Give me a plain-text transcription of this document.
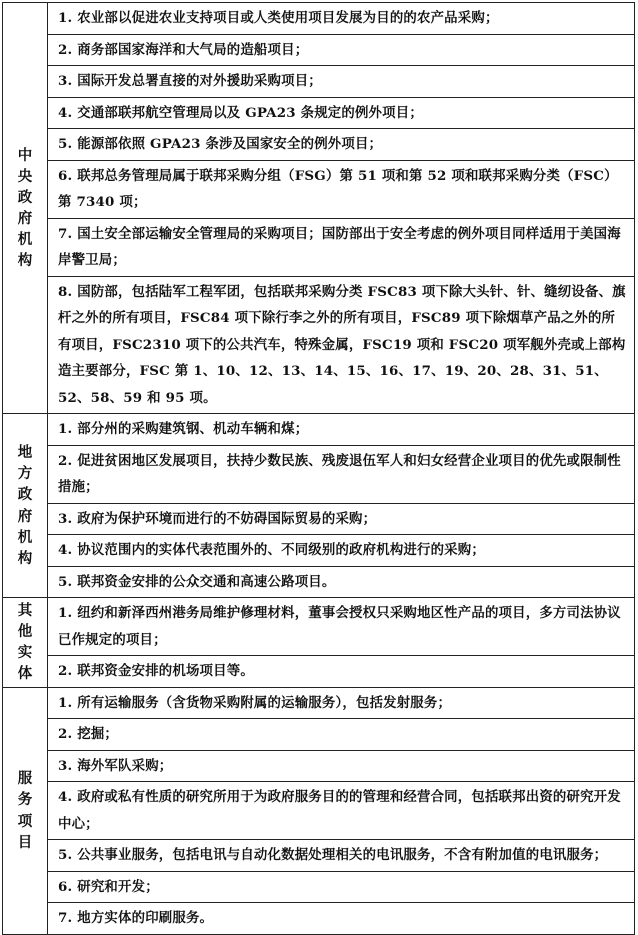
中央政府机构	1. 农业部以促进农业支持项目或人类使用项目发展为目的的农产品采购；
	2. 商务部国家海洋和大气局的造船项目；
	3. 国际开发总署直接的对外援助采购项目；
	4. 交通部联邦航空管理局以及 GPA23 条规定的例外项目；
	5. 能源部依照 GPA23 条涉及国家安全的例外项目；
	6. 联邦总务管理局属于联邦采购分组（FSG）第 51 项和第 52 项和联邦采购分类（FSC）第 7340 项；
	7. 国土安全部运输安全管理局的采购项目；国防部出于安全考虑的例外项目同样适用于美国海岸警卫局；
	8. 国防部，包括陆军工程军团，包括联邦采购分类 FSC83 项下除大头针、针、缝纫设备、旗杆之外的所有项目，FSC84 项下除行李之外的所有项目，FSC89 项下除烟草产品之外的所有项目，FSC2310 项下的公共汽车，特殊金属，FSC19 项和 FSC20 项军舰外壳或上部构造主要部分，FSC 第 1、10、12、13、14、15、16、17、19、20、28、31、51、52、58、59 和 95 项。
地方政府机构	1. 部分州的采购建筑钢、机动车辆和煤；
	2. 促进贫困地区发展项目，扶持少数民族、残废退伍军人和妇女经营企业项目的优先或限制性措施；
	3. 政府为保护环境而进行的不妨碍国际贸易的采购；
	4. 协议范围内的实体代表范围外的、不同级别的政府机构进行的采购；
	5. 联邦资金安排的公众交通和高速公路项目。
其他实体	1. 纽约和新泽西州港务局维护修理材料，董事会授权只采购地区性产品的项目，多方司法协议已作规定的项目；
	2. 联邦资金安排的机场项目等。
服务项目	1. 所有运输服务（含货物采购附属的运输服务），包括发射服务；
	2. 挖掘；
	3. 海外军队采购；
	4. 政府或私有性质的研究所用于为政府服务目的的管理和经营合同，包括联邦出资的研究开发中心；
	5. 公共事业服务，包括电讯与自动化数据处理相关的电讯服务，不含有附加值的电讯服务；
	6. 研究和开发；
	7. 地方实体的印刷服务。
